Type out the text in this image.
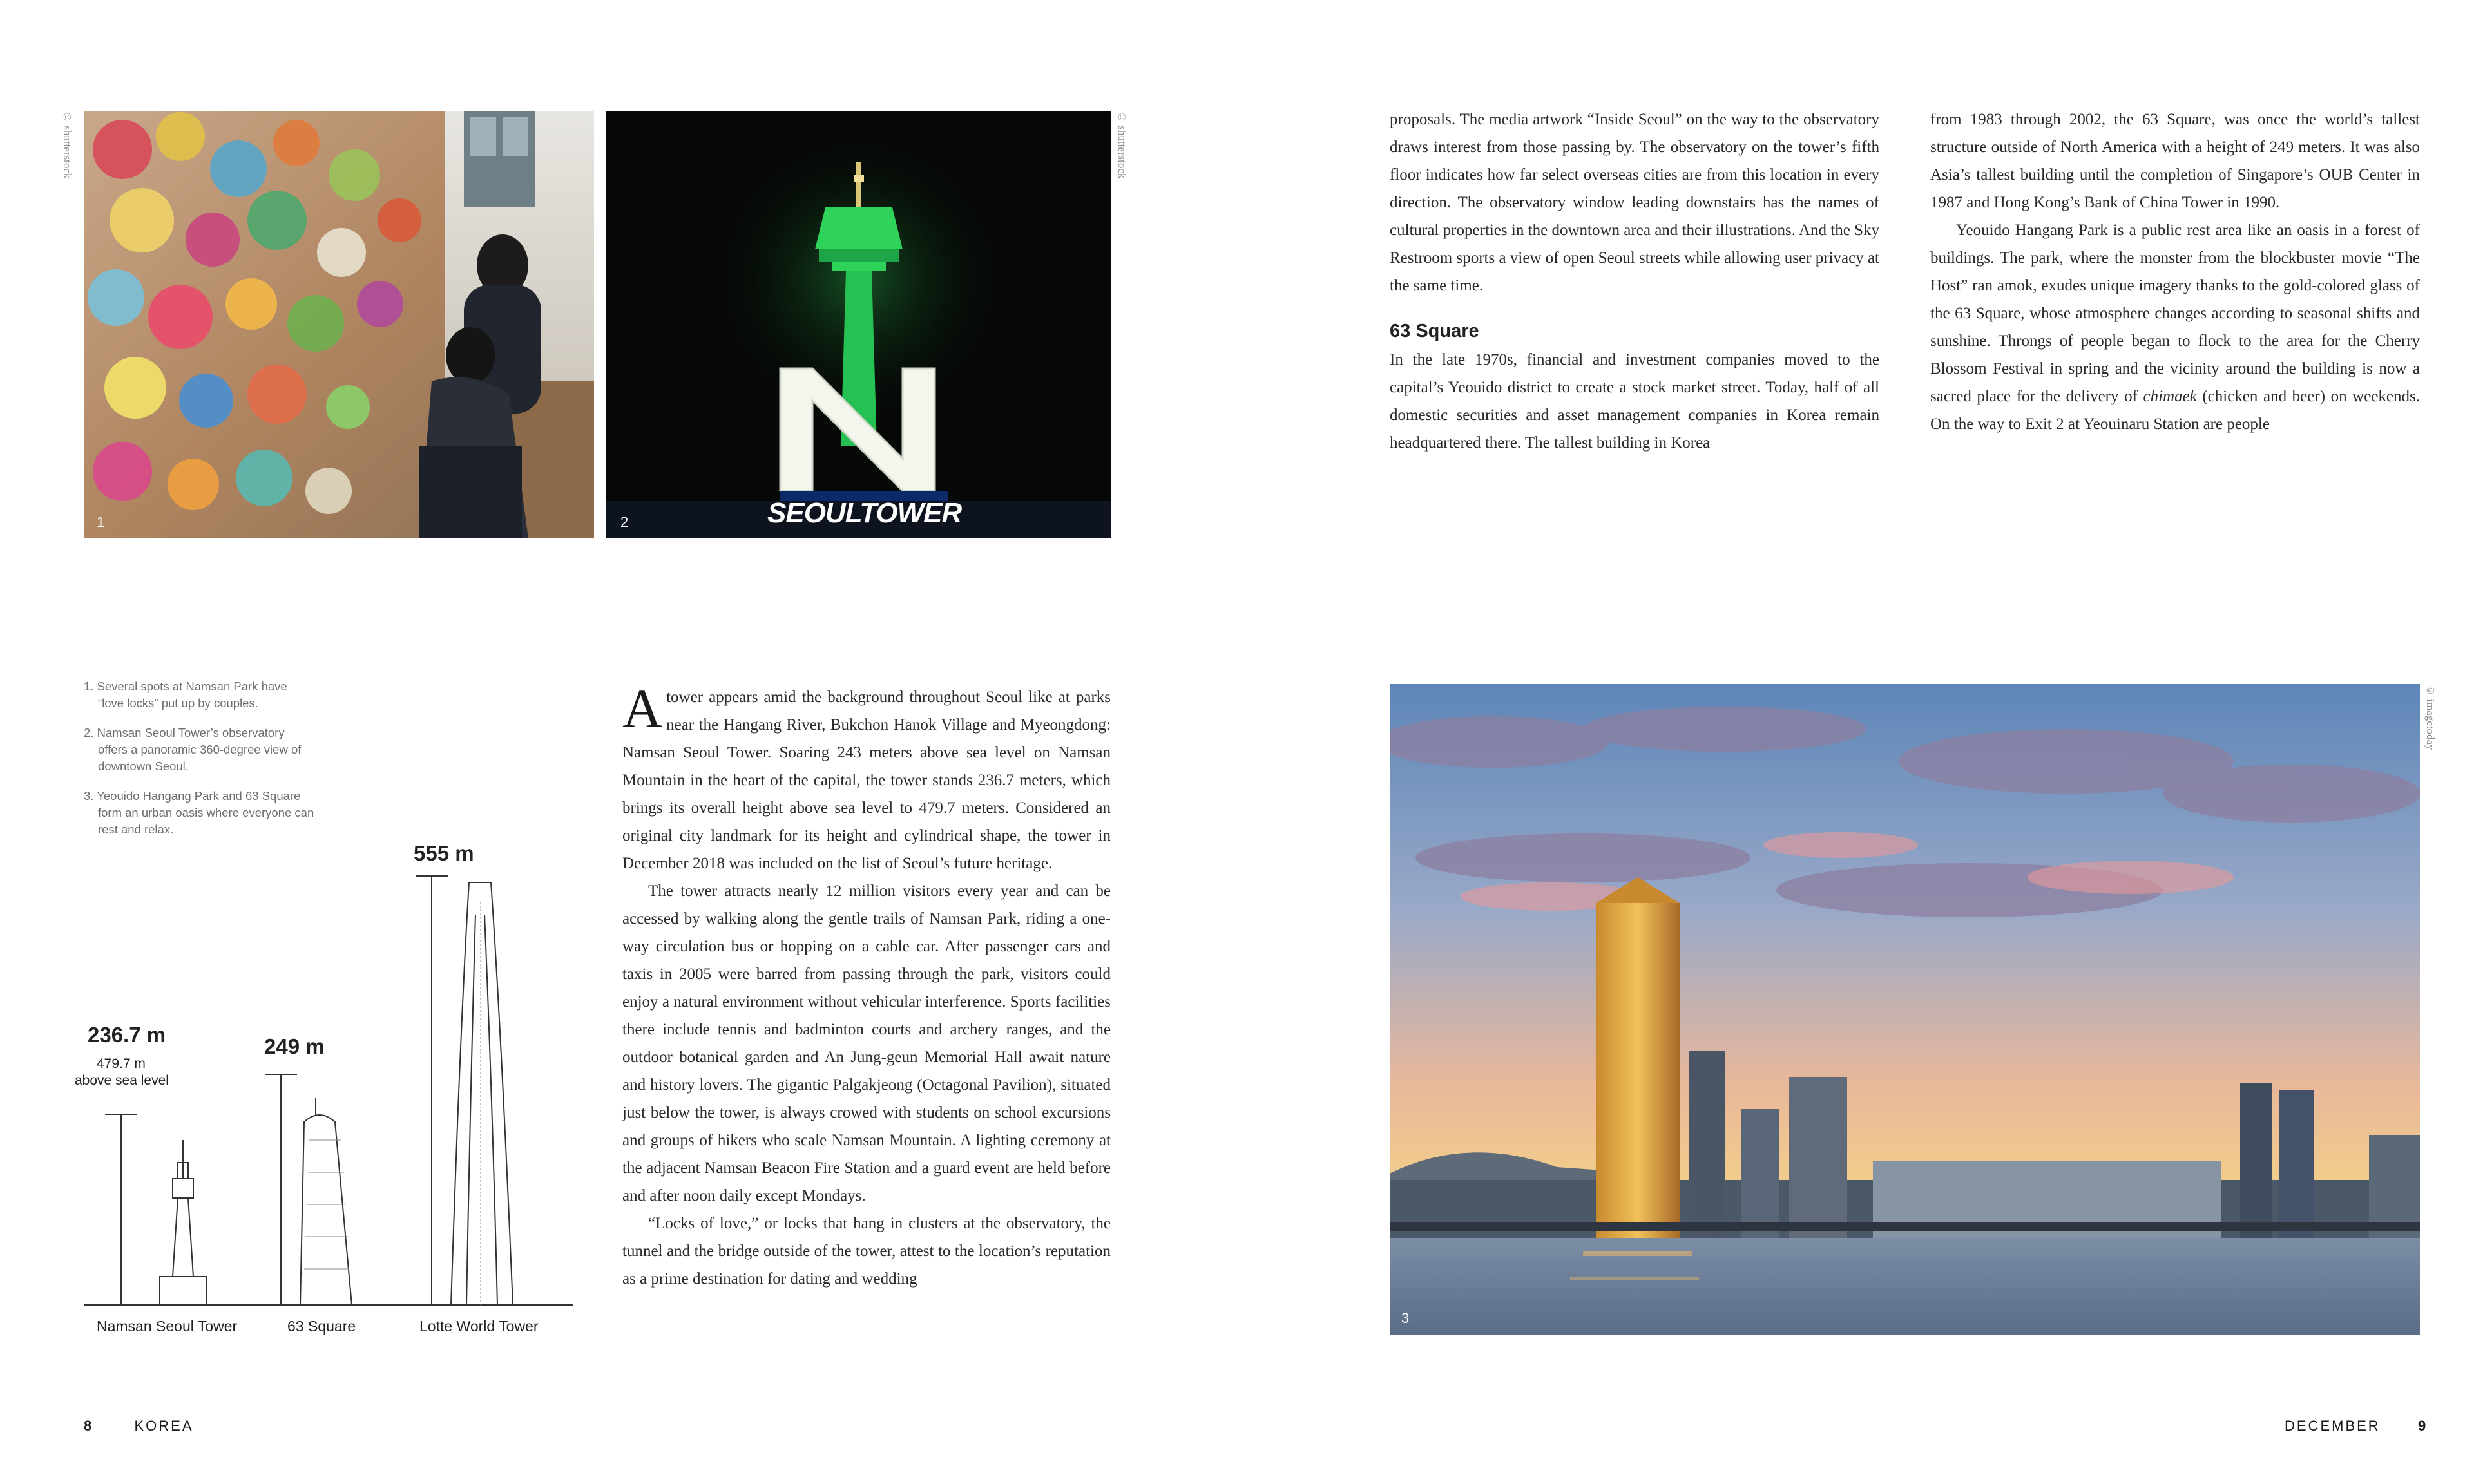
1
© shutterstock
SEOULTOWER
2
© shutterstock
1. Several spots at Namsan Park have “love locks” put up by couples.
2. Namsan Seoul Tower’s observatory offers a panoramic 360-degree view of downtown Seoul.
3. Yeouido Hangang Park and 63 Square form an urban oasis where everyone can rest and relax.
236.7 m
479.7 m
above sea level
249 m
555 m
Namsan Seoul Tower	63 Square	Lotte World Tower

A tower appears amid the background throughout Seoul like at parks near the Hangang River, Bukchon Hanok Village and Myeongdong: Namsan Seoul Tower. Soaring 243 meters above sea level on Namsan Mountain in the heart of the capital, the tower stands 236.7 meters, which brings its overall height above sea level to 479.7 meters. Considered an original city landmark for its height and cylindrical shape, the tower in December 2018 was included on the list of Seoul’s future heritage.

The tower attracts nearly 12 million visitors every year and can be accessed by walking along the gentle trails of Namsan Park, riding a one-way circulation bus or hopping on a cable car. After passenger cars and taxis in 2005 were barred from passing through the park, visitors could enjoy a natural environment without vehicular interference. Sports facilities there include tennis and badminton courts and archery ranges, and the outdoor botanical garden and An Jung-geun Memorial Hall await nature and history lovers. The gigantic Palgakjeong (Octagonal Pavilion), situated just below the tower, is always crowed with students on school excursions and groups of hikers who scale Namsan Mountain. A lighting ceremony at the adjacent Namsan Beacon Fire Station and a guard event are held before and after noon daily except Mondays.

“Locks of love,” or locks that hang in clusters at the observatory, the tunnel and the bridge outside of the tower, attest to the location’s reputation as a prime destination for dating and wedding

8	KOREA

proposals. The media artwork “Inside Seoul” on the way to the observatory draws interest from those passing by. The observatory on the tower’s fifth floor indicates how far select overseas cities are from this location in every direction. The observatory window leading downstairs has the names of cultural properties in the downtown area and their illustrations. And the Sky Restroom sports a view of open Seoul streets while allowing user privacy at the same time.

63 Square

In the late 1970s, financial and investment companies moved to the capital’s Yeouido district to create a stock market street. Today, half of all domestic securities and asset management companies in Korea remain headquartered there. The tallest building in Korea

from 1983 through 2002, the 63 Square, was once the world’s tallest structure outside of North America with a height of 249 meters. It was also Asia’s tallest building until the completion of Singapore’s OUB Center in 1987 and Hong Kong’s Bank of China Tower in 1990.

Yeouido Hangang Park is a public rest area like an oasis in a forest of buildings. The park, where the monster from the blockbuster movie “The Host” ran amok, exudes unique imagery thanks to the gold-colored glass of the 63 Square, whose atmosphere changes according to seasonal shifts and sunshine. Throngs of people began to flock to the area for the Cherry Blossom Festival in spring and the vicinity around the building is now a sacred place for the delivery of chimaek (chicken and beer) on weekends. On the way to Exit 2 at Yeouinaru Station are people

3
© imagetoday
DECEMBER	9
